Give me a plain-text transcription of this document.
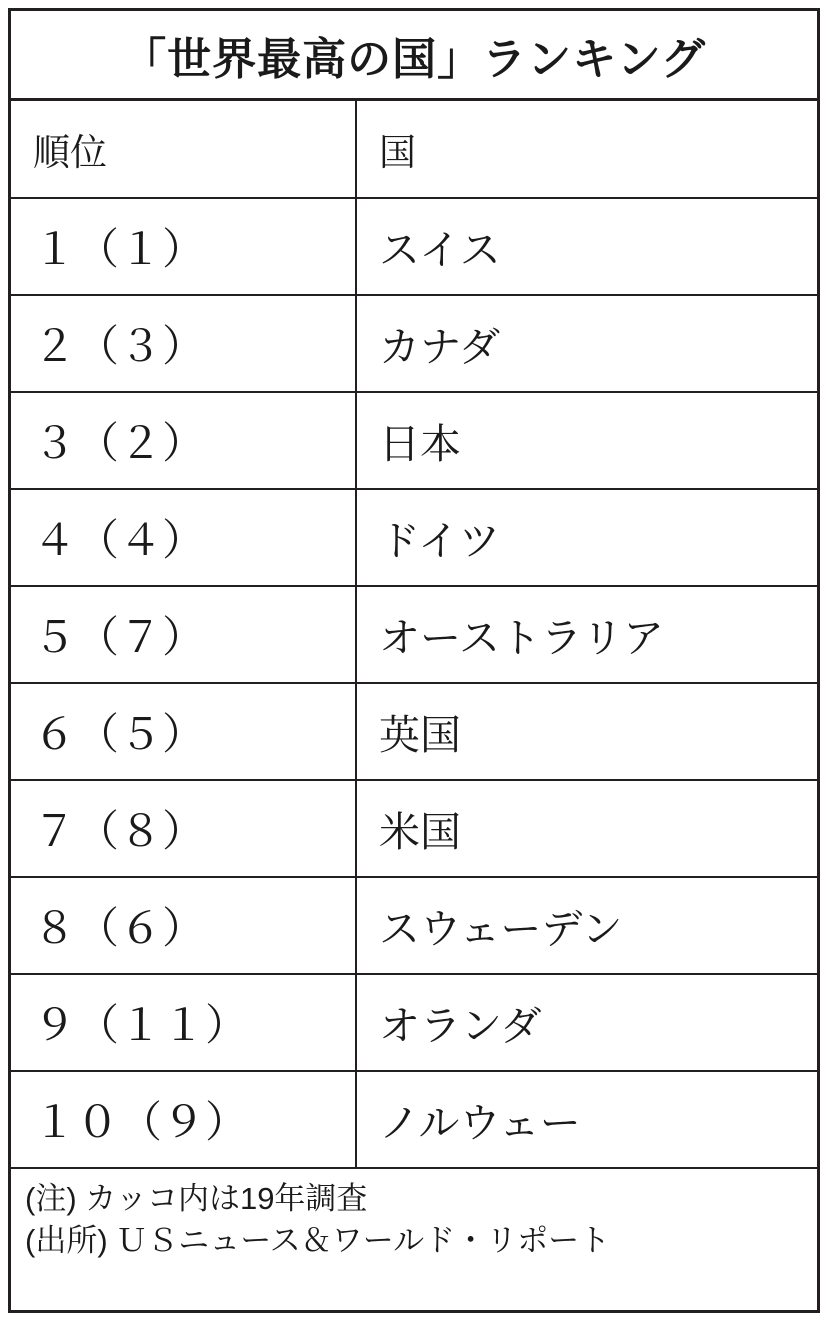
「世界最高の国」ランキング
順位	国
１（１）	スイス
２（３）	カナダ
３（２）	日本
４（４）	ドイツ
５（７）	オーストラリア
６（５）	英国
７（８）	米国
８（６）	スウェーデン
９（１１）	オランダ
１０（９）	ノルウェー
(注) カッコ内は19年調査
(出所) ＵＳニュース＆ワールド・リポート
